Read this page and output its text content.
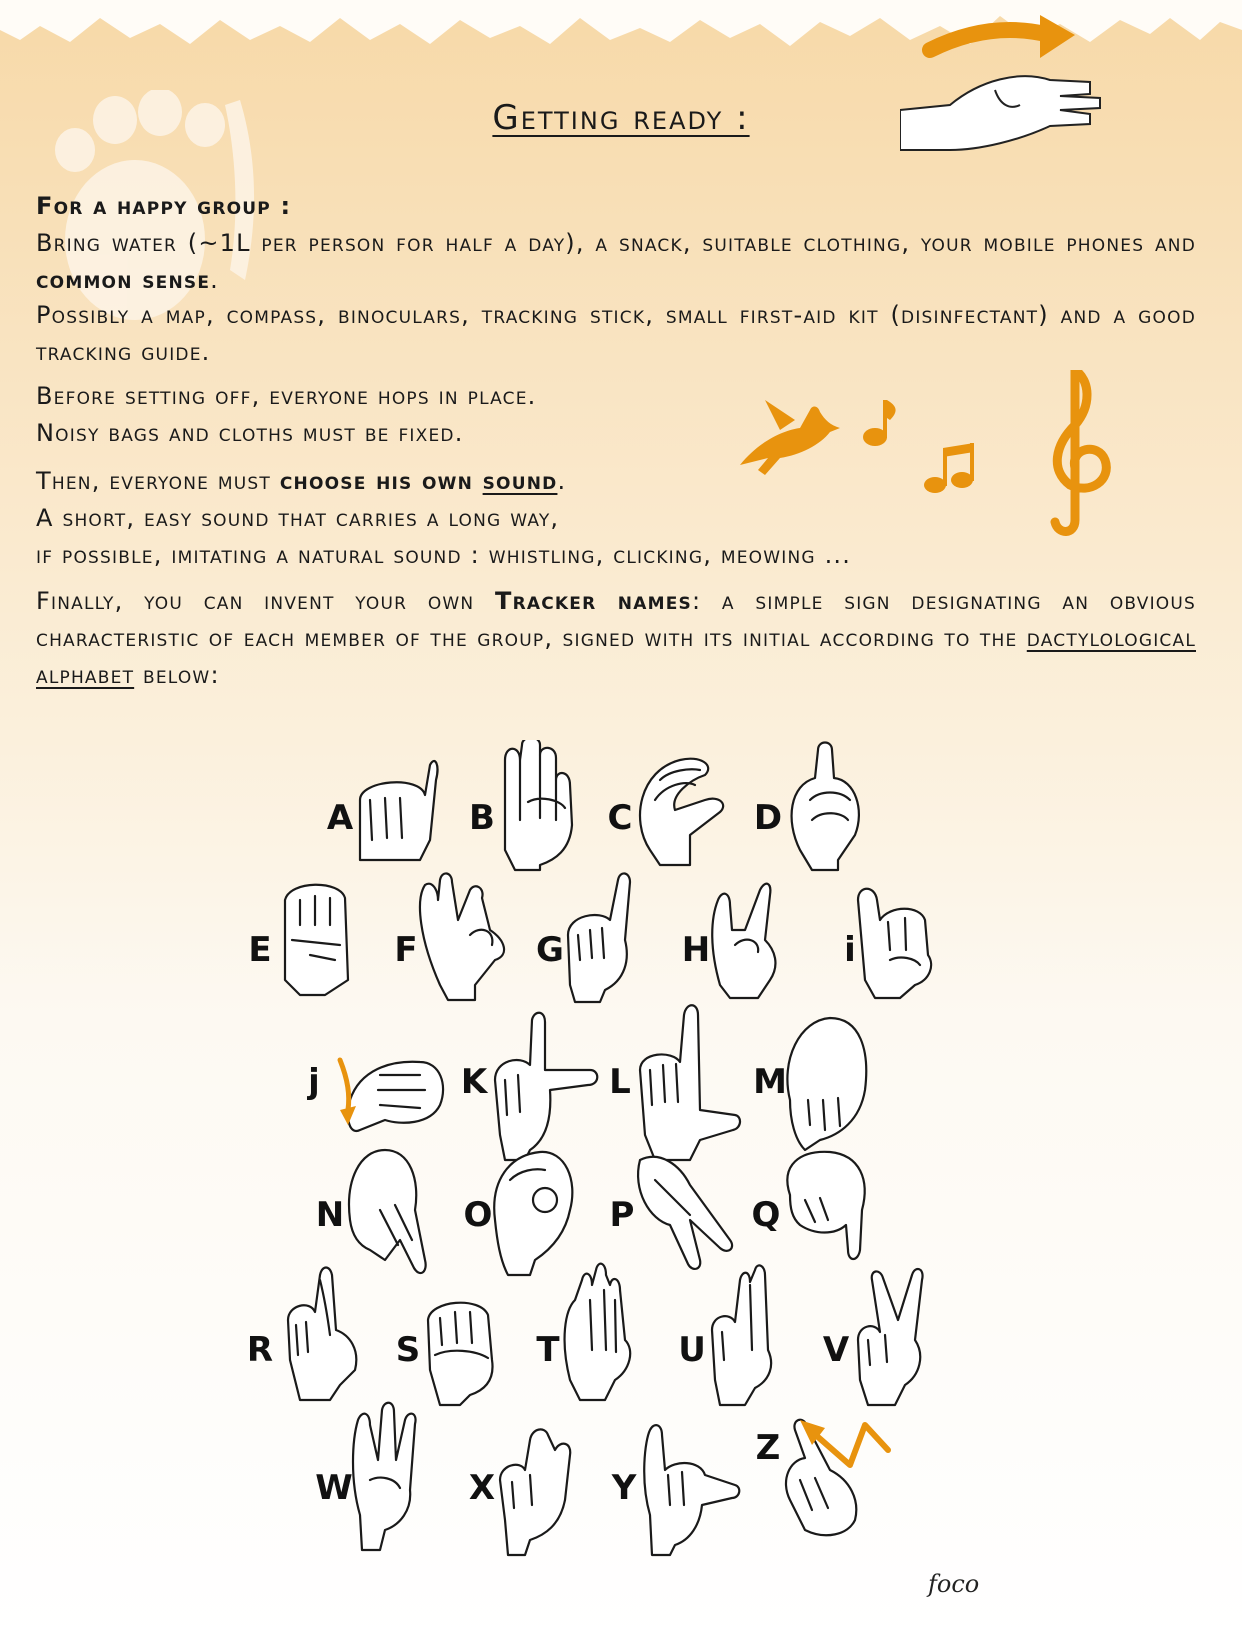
Getting ready :
For a happy group :
Bring water (~1L per person for half a day), a snack, suitable clothing, your mobile phones and common sense.
Possibly a map, compass, binoculars, tracking stick, small first-aid kit (disinfectant) and a good tracking guide.
Before setting off, everyone hops in place.
Noisy bags and cloths must be fixed.
Then, everyone must choose his own sound.
A short, easy sound that carries a long way,
if possible, imitating a natural sound : whistling, clicking, meowing ...
Finally, you can invent your own Tracker names: a simple sign designating an obvious characteristic of each member of the group, signed with its initial according to the dactylological alphabet below:
A	B	C	D
E	F	G	H	i
j	K	L	M
N	O	P	Q
R	S	T	U	V
W	X	Y
Z
foco
